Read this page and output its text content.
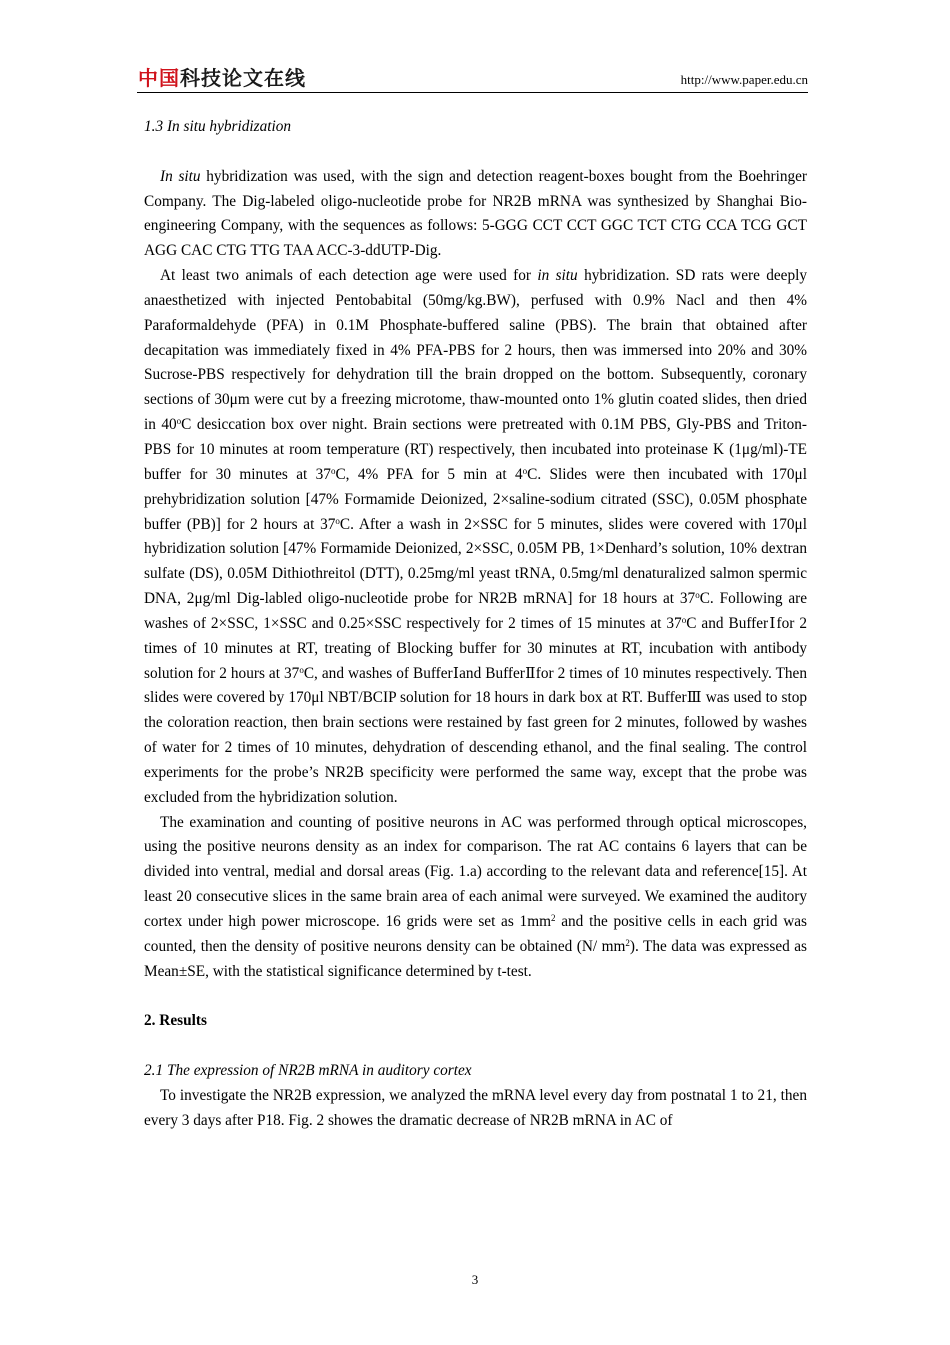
中国科技论文在线	http://www.paper.edu.cn

1.3 In situ hybridization

In situ hybridization was used, with the sign and detection reagent-boxes bought from the Boehringer Company. The Dig-labeled oligo-nucleotide probe for NR2B mRNA was synthesized by Shanghai Bio-engineering Company, with the sequences as follows: 5-GGG CCT CCT GGC TCT CTG CCA TCG GCT AGG CAC CTG TTG TAA ACC-3-ddUTP-Dig.

At least two animals of each detection age were used for in situ hybridization. SD rats were deeply anaesthetized with injected Pentobabital (50mg/kg.BW), perfused with 0.9% Nacl and then 4% Paraformaldehyde (PFA) in 0.1M Phosphate-buffered saline (PBS). The brain that obtained after decapitation was immediately fixed in 4% PFA-PBS for 2 hours, then was immersed into 20% and 30% Sucrose-PBS respectively for dehydration till the brain dropped on the bottom. Subsequently, coronary sections of 30μm were cut by a freezing microtome, thaw-mounted onto 1% glutin coated slides, then dried in 40$^o$C desiccation box over night. Brain sections were pretreated with 0.1M PBS, Gly-PBS and Triton-PBS for 10 minutes at room temperature (RT) respectively, then incubated into proteinase K (1μg/ml)-TE buffer for 30 minutes at 37$^o$C, 4% PFA for 5 min at 4$^o$C. Slides were then incubated with 170μl prehybridization solution [47% Formamide Deionized, 2×saline-sodium citrated (SSC), 0.05M phosphate buffer (PB)] for 2 hours at 37$^o$C. After a wash in 2×SSC for 5 minutes, slides were covered with 170μl hybridization solution [47% Formamide Deionized, 2×SSC, 0.05M PB, 1×Denhard’s solution, 10% dextran sulfate (DS), 0.05M Dithiothreitol (DTT), 0.25mg/ml yeast tRNA, 0.5mg/ml denaturalized salmon spermic DNA, 2μg/ml Dig-labled oligo-nucleotide probe for NR2B mRNA] for 18 hours at 37$^o$C. Following are washes of 2×SSC, 1×SSC and 0.25×SSC respectively for 2 times of 15 minutes at 37$^o$C and BufferⅠfor 2 times of 10 minutes at RT, treating of Blocking buffer for 30 minutes at RT, incubation with antibody solution for 2 hours at 37$^o$C, and washes of BufferⅠand BufferⅡfor 2 times of 10 minutes respectively. Then slides were covered by 170μl NBT/BCIP solution for 18 hours in dark box at RT. BufferⅢ was used to stop the coloration reaction, then brain sections were restained by fast green for 2 minutes, followed by washes of water for 2 times of 10 minutes, dehydration of descending ethanol, and the final sealing. The control experiments for the probe’s NR2B specificity were performed the same way, except that the probe was excluded from the hybridization solution.

The examination and counting of positive neurons in AC was performed through optical microscopes, using the positive neurons density as an index for comparison. The rat AC contains 6 layers that can be divided into ventral, medial and dorsal areas (Fig. 1.a) according to the relevant data and reference[15]. At least 20 consecutive slices in the same brain area of each animal were surveyed. We examined the auditory cortex under high power microscope. 16 grids were set as $1mm^2$ and the positive cells in each grid was counted, then the density of positive neurons density can be obtained (N/ $mm^2$). The data was expressed as Mean±SE, with the statistical significance determined by t-test.

2. Results

2.1 The expression of NR2B mRNA in auditory cortex

To investigate the NR2B expression, we analyzed the mRNA level every day from postnatal 1 to 21, then every 3 days after P18. Fig. 2 showes the dramatic decrease of NR2B mRNA in AC of

3
